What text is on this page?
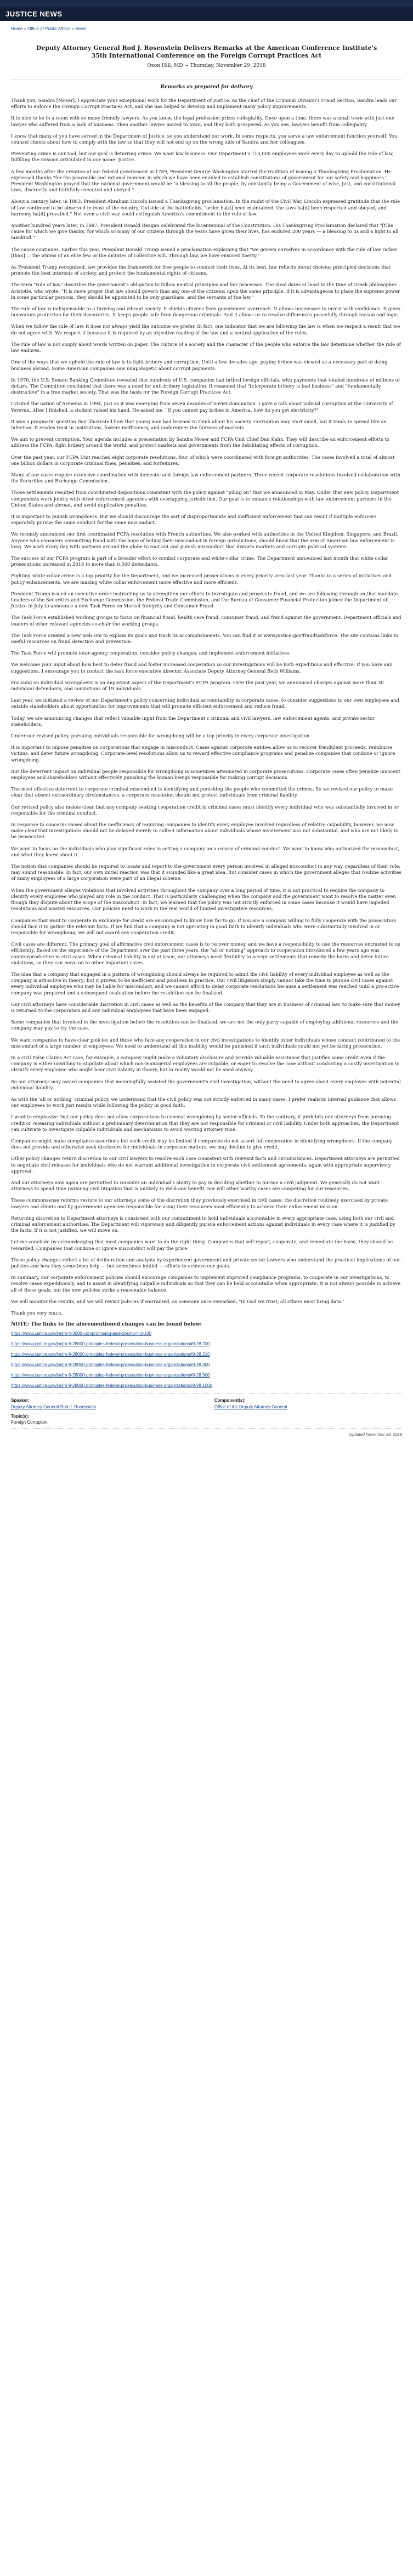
JUSTICE NEWS
Home » Office of Public Affairs » News
Deputy Attorney General Rod J. Rosenstein Delivers Remarks at the American Conference Institute's 35th International Conference on the Foreign Corrupt Practices Act
Oxon Hill, MD ~ Thursday, November 29, 2018
Remarks as prepared for delivery

Thank you, Sandra [Moser]. I appreciate your exceptional work for the Department of Justice. As the chief of the Criminal Division's Fraud Section, Sandra leads our efforts to enforce the Foreign Corrupt Practices Act, and she has helped to develop and implement many policy improvements.

It is nice to be in a room with so many friendly lawyers. As you know, the legal profession prizes collegiality. Once upon a time, there was a small town with just one lawyer who suffered from a lack of business. Then another lawyer moved to town, and they both prospered. As you see, lawyers benefit from collegiality.

I know that many of you have served in the Department of Justice, so you understand our work. In some respects, you serve a law enforcement function yourself. You counsel clients about how to comply with the law so that they will not end up on the wrong side of Sandra and her colleagues.

Preventing crime is our tool, but our goal is deterring crime. We want law business. Our Department's 115,000 employees work every day to uphold the rule of law, fulfilling the mission articulated in our name: Justice.

A few months after the creation of our federal government in 1789, President George Washington started the tradition of issuing a Thanksgiving Proclamation. He expressed thanks "for the peaceable and rational manner, in which we have been enabled to establish constitutions of government for our safety and happiness." President Washington prayed that the national government would be "a blessing to all the people, by constantly being a Government of wise, just, and constitutional laws, discreetly and faithfully executed and obeyed."

About a century later, in 1863, President Abraham Lincoln issued a Thanksgiving proclamation. In the midst of the Civil War, Lincoln expressed gratitude that the rule of law continued to be observed in most of the country. Outside of the battlefields, "order ha[d] been maintained, the laws ha[d] been respected and obeyed, and harmony ha[d] prevailed." Not even a civil war could extinguish America's commitment to the rule of law.

Another hundred years later, in 1987, President Ronald Reagan celebrated the bicentennial of the Constitution. His Thanksgiving Proclamation declared that "[t]he cause for which we give thanks, for which so many of our citizens through the years have given their lives, has endured 200 years — a blessing to us and a light to all mankind."

The cause continues. Earlier this year, President Donald Trump issued a proclamation explaining that "we govern ourselves in accordance with the rule of law rather [than] ... the whims of an elite few or the dictates of collective will. Through law, we have ensured liberty."

As President Trump recognized, law provides the framework for free people to conduct their lives. At its best, law reflects moral choices; principled decisions that promote the best interests of society, and protect the fundamental rights of citizens.

The term "rule of law" describes the government's obligation to follow neutral principles and fair processes. The ideal dates at least to the time of Greek philosopher Aristotle, who wrote, "It is more proper that law should govern than any one of the citizens: upon the same principle, if it is advantageous to place the supreme power in some particular persons, they should be appointed to be only guardians, and the servants of the law."

The rule of law is indispensable to a thriving and vibrant society. It shields citizens from government overreach. It allows businesses to invest with confidence. It gives innovators protection for their discoveries. It keeps people safe from dangerous criminals. And it allows us to resolve differences peacefully through reason and logic.

When we follow the rule of law, it does not always yield the outcome we prefer. In fact, one indicator that we are following the law is when we respect a result that we do not agree with. We respect it because it is required by an objective reading of the law and a neutral application of the rules.

The rule of law is not simply about words written on paper. The culture of a society and the character of the people who enforce the law determine whether the rule of law endures.

One of the ways that we uphold the rule of law is to fight bribery and corruption. Until a few decades ago, paying bribes was viewed as a necessary part of doing business abroad. Some American companies saw unapologetic about corrupt payments.

In 1976, the U.S. Senate Banking Committee revealed that hundreds of U.S. companies had bribed foreign officials, with payments that totaled hundreds of millions of dollars. The Committee concluded that there was a need for anti-bribery legislation. It reasoned that "[c]orporate bribery is bad business" and "fundamentally destructive" in a free market society. That was the basis for the Foreign Corrupt Practices Act.

I visited the nation of Armenia in 1994, just as it was emerging from seven decades of Soviet domination. I gave a talk about judicial corruption at the University of Yerevan. After I finished, a student raised his hand. He asked me, "If you cannot pay bribes in America, how do you get electricity?"

It was a pragmatic question that illustrated how that young man had learned to think about his society. Corruption may start small, but it tends to spread like an infection. It erodes trust in institutions, fosters inefficiency, and undermines the fairness of markets.

We aim to prevent corruption. Your agenda includes a presentation by Sandra Moser and FCPA Unit Chief Dan Kahn. They will describe an enforcement efforts to address the FCPA, fight bribery around the world, and protect markets and governments from the debilitating effects of corruption.

Over the past year, our FCPA Unit reached eight corporate resolutions, four of which were coordinated with foreign authorities. The cases involved a total of almost one billion dollars in corporate criminal fines, penalties, and forfeitures.

Many of our cases require extensive coordination with domestic and foreign law enforcement partners. Three recent corporate resolutions involved collaboration with the Securities and Exchange Commission.

Those settlements resulted from coordinated dispositions consistent with the policy against "piling on" that we announced in May. Under that new policy, Department components work jointly with other enforcement agencies with overlapping jurisdiction. Our goal is to enhance relationships with law enforcement partners in the United States and abroad, and avoid duplicative penalties.

It is important to punish wrongdoers. But we should discourage the sort of disproportionate and inefficient enforcement that can result if multiple enforcers separately pursue the same conduct for the same misconduct.

We recently announced our first coordinated FCPA resolution with French authorities. We also worked with authorities in the United Kingdom, Singapore, and Brazil. Anyone who considers committing fraud with the hope of hiding their misconduct in foreign jurisdictions, should know that the arm of American law enforcement is long. We work every day with partners around the globe to root out and punish misconduct that distorts markets and corrupts political systems.

The success of our FCPA program is part of a broader effort to combat corporate and white-collar crime. The Department announced last month that white collar prosecutions increased in 2018 to more than 6,500 defendants.

Fighting white-collar crime is a top priority for the Department, and we increased prosecutions in every priority area last year. Thanks to a series of initiatives and policy enhancements, we are making white collar enforcement more effective and more efficient.

President Trump issued an executive order instructing us to strengthen our efforts to investigate and prosecute fraud, and we are following through on that mandate. Leaders of the Securities and Exchange Commission, the Federal Trade Commission, and the Bureau of Consumer Financial Protection joined the Department of Justice in July to announce a new Task Force on Market Integrity and Consumer Fraud.

The Task Force established working groups to focus on financial fraud, health care fraud, consumer fraud, and fraud against the government. Department officials and leaders of other relevant agencies co-chair the working groups.

The Task Force created a new web site to explain its goals and track its accomplishments. You can find it at www.justice.gov/fraudtaskforce. The site contains links to useful resources on fraud detection and prevention.

The Task Force will promote inter-agency cooperation, consider policy changes, and implement enforcement initiatives.

We welcome your input about how best to deter fraud and foster increased cooperation so our investigations will be both expeditious and effective. If you have any suggestions, I encourage you to contact the task force executive director, Associate Deputy Attorney General Beth Williams.

Focusing on individual wrongdoers is an important aspect of the Department's FCPA program. Over the past year, we announced charges against more than 30 individual defendants, and convictions of 19 individuals.

Last year, we initiated a review of our Department's policy concerning individual accountability in corporate cases, to consider suggestions to our own employees and outside stakeholders about opportunities for improvements that will promote efficient enforcement and reduce fraud.

Today, we are announcing changes that reflect valuable input from the Department's criminal and civil lawyers, law enforcement agents, and private sector stakeholders.

Under our revised policy, pursuing individuals responsible for wrongdoing will be a top priority in every corporate investigation.

It is important to impose penalties on corporations that engage in misconduct. Cases against corporate entities allow us to recover fraudulent proceeds, reimburse victims, and deter future wrongdoing. Corporate-level resolutions allow us to reward effective compliance programs and penalize companies that condone or ignore wrongdoing.

But the deterrent impact on individual people responsible for wrongdoing is sometimes attenuated in corporate prosecutions. Corporate cases often penalize innocent employees and shareholders without effectively punishing the human beings responsible for making corrupt decisions.

The most effective deterrent to corporate criminal misconduct is identifying and punishing the people who committed the crimes. So we revised our policy to make clear that absent extraordinary circumstances, a corporate resolution should not protect individuals from criminal liability.

Our revised policy also makes clear that any company seeking cooperation credit in criminal cases must identify every individual who was substantially involved in or responsible for the criminal conduct.

In response to concerns raised about the inefficiency of requiring companies to identify every employee involved regardless of relative culpability, however, we now make clear that investigations should not be delayed merely to collect information about individuals whose involvement was not substantial, and who are not likely to be prosecuted.

We want to focus on the individuals who play significant roles in setting a company on a course of criminal conduct. We want to know who authorized the misconduct, and what they knew about it.

The notion that companies should be required to locate and report to the government every person involved in alleged misconduct in any way, regardless of their role, may sound reasonable. In fact, our own initial reaction was that it sounded like a great idea. But consider cases in which the government alleges that routine activities of many employees of a large corporation were part of an illegal scheme.

When the government alleges violations that involved activities throughout the company over a long period of time, it is not practical to require the company to identify every employee who played any role in the conduct. That is particularly challenging when the company and the government want to resolve the matter even though they dispute about the scope of the misconduct. In fact, we learned that the policy was not strictly enforced in some cases because it would have impeded resolutions and wasted resources. Our policies need to work in the real world of limited investigative resources.

Companies that want to cooperate in exchange for credit are encouraged to know how far to go. If you are a company willing to fully cooperate with the prosecutors should face it to gather the relevant facts. If we find that a company is not operating in good faith to identify individuals who were substantially involved in or responsible for wrongdoing, we will not award any cooperation credit.

Civil cases are different. The primary goal of affirmative civil enforcement cases is to recover money, and we have a responsibility to use the resources entrusted to us efficiently. Based on the experience of the Department over the past three years, the "all or nothing" approach to cooperation introduced a few years ago was counterproductive in civil cases. When criminal liability is not at issue, our attorneys need flexibility to accept settlements that remedy the harm and deter future violations, so they can move on to other important cases.

The idea that a company that engaged in a pattern of wrongdoing should always be required to admit the civil liability of every individual employee as well as the company is attractive in theory; but it proved to be inefficient and pointless in practice. Our civil litigators simply cannot take the time to pursue civil cases against every individual employee who may be liable for misconduct, and we cannot afford to delay corporate resolutions because a settlement was reached until a pro-active company was prepared and a subsequent evaluation before the resolution can be finalized.

Our civil attorneys have considerable discretion in civil cases as well as the benefits of the company that they are in business of criminal law, to make sure that money is returned to the corporation and any individual employees that have been engaged.

Some companies that involved in the investigation before the resolution can be finalized, we are not the only party capable of employing additional resources and the company may pay to try the case.

We want companies to have clear policies and those who face any cooperation in our civil investigations to identify other individuals whose conduct contributed to the misconduct of a large number of employees. We need to understand all this inability would be punished if such individuals could not yet be facing prosecution.

In a civil False Claims Act case, for example, a company might make a voluntary disclosure and provide valuable assistance that justifies some credit even if the company is either unwilling to stipulate about which non-managerial employees are culpable, or eager to resolve the case without conducting a costly investigation to identify every employee who might bear civil liability in theory, but in reality would not be sued anyway.

So our attorneys may award companies that meaningfully assisted the government's civil investigation, without the need to agree about every employee with potential individual liability.

As with the 'all or nothing' criminal policy, we understand that the civil policy was not strictly enforced in many cases. I prefer realistic internal guidance that allows our employees to work just results while following the policy in good faith.

I want to emphasize that our policy does not allow corporations to conceal wrongdoing by senior officials. To the contrary, it prohibits our attorneys from pursuing credit or releasing individuals without a preliminary determination that they are not responsible for criminal or civil liability. Under both approaches, the Department can cultivate to investigate culpable individuals and mechanisms to avoid wasting attorney time.

Companies might make compliance assertions but such credit may be limited if companies do not assert full cooperation in identifying wrongdoers. If the company does not provide and otherwise seek disclosure for individuals in corporate matters, we may decline to give credit.

Other policy changes return discretion to our civil lawyers to resolve each case consistent with relevant facts and circumstances. Department attorneys are permitted to negotiate civil releases for individuals who do not warrant additional investigation in corporate civil settlement agreements, again with appropriate supervisory approval.

And our attorneys now again are permitted to consider an individual's ability to pay in deciding whether to pursue a civil judgment. We generally do not want attorneys to spend time pursuing civil litigation that is unlikely to yield any benefit; nor will other worthy cases are competing for our resources.

These commonsense reforms restore to our attorneys some of the discretion they previously exercised in civil cases; the discretion routinely exercised by private lawyers and clients and by government agencies responsible for using their resources most efficiently to achieve their enforcement mission.

Returning discretion to Department attorneys is consistent with our commitment to hold individuals accountable in every appropriate case, using both our civil and criminal enforcement authorities. The Department will vigorously and diligently pursue enforcement actions against individuals in every case where it is justified by the facts. If it is not justified, we will move on.

Let me conclude by acknowledging that most companies want to do the right thing. Companies that self-report, cooperate, and remediate the harm, they should be rewarded. Companies that condone or ignore misconduct will pay the price.

These policy changes reflect a lot of deliberation and analysis by experienced government and private sector lawyers who understand the practical implications of our policies and how they sometimes help — but sometimes inhibit — efforts to achieve our goals.

In summary, our corporate enforcement policies should encourage companies to implement improved compliance programs, to cooperate in our investigations, to resolve cases expeditiously, and to assist in identifying culpable individuals so that they can be held accountable when appropriate. It is not always possible to achieve all of those goals, but the new policies strike a reasonable balance.

We will monitor the results, and we will revisit policies if warranted, as someone once remarked, "In God we trust; all others must bring data."

Thank you very much.

NOTE: The links to the aforementioned changes can be found below:
https://www.justice.gov/jm/jm-4-3000-compromising-and-closing-4-3-100
https://www.justice.gov/jm/jm-9-28000-principles-federal-prosecution-business-organizations#9-28.700
https://www.justice.gov/jm/jm-9-28000-principles-federal-prosecution-business-organizations#9-28.210
https://www.justice.gov/jm/jm-9-28000-principles-federal-prosecution-business-organizations#9-28.300
https://www.justice.gov/jm/jm-9-28000-principles-federal-prosecution-business-organizations#9-28.900
https://www.justice.gov/jm/jm-9-28000-principles-federal-prosecution-business-organizations#9-28.1000
Speaker:
Deputy Attorney General Rod J. Rosenstein
Component(s):
Office of the Deputy Attorney General
Topic(s):
Foreign Corruption
Updated November 29, 2018
